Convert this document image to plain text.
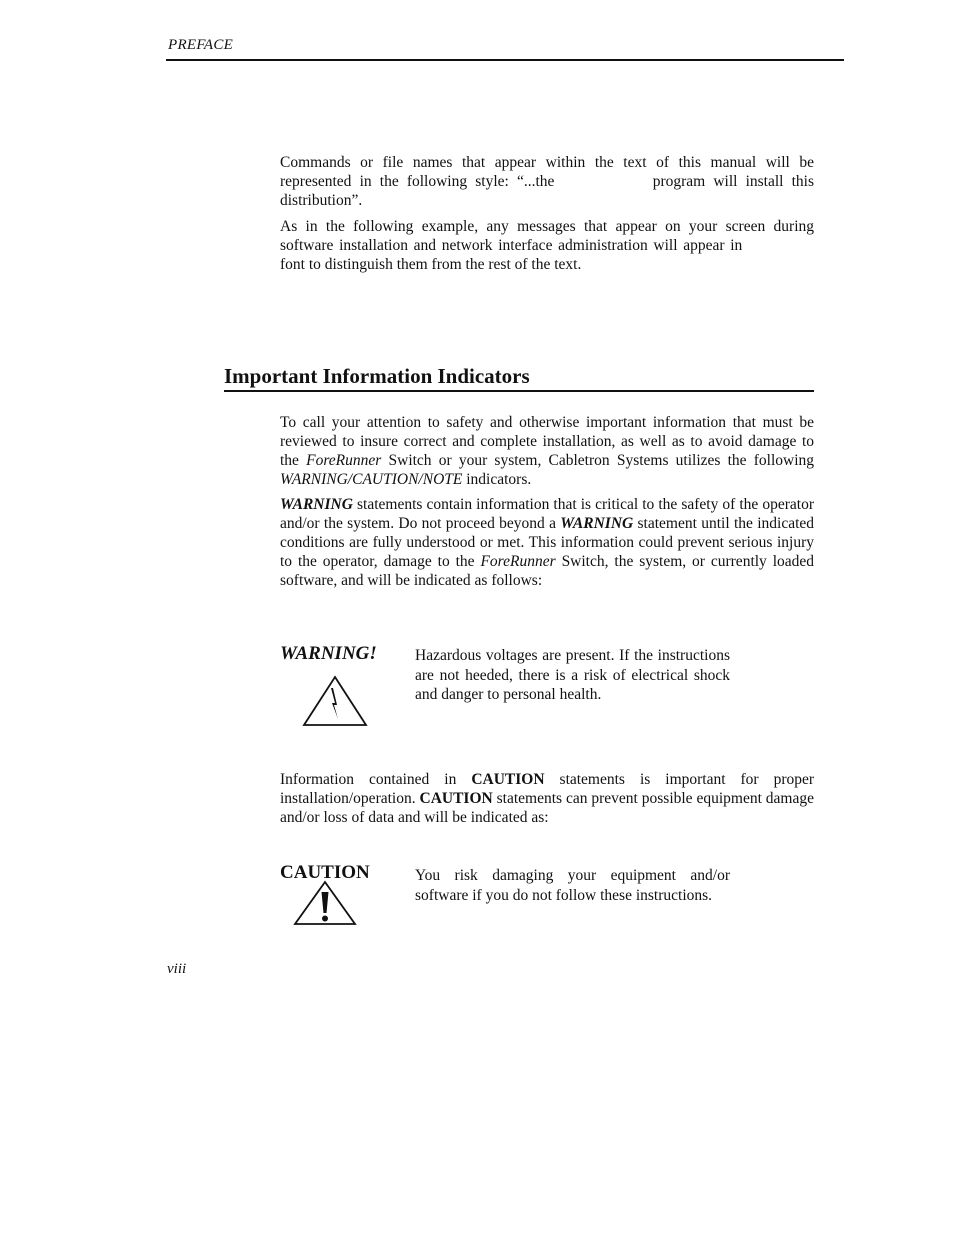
PREFACE
Commands or file names that appear within the text of this manual will be represented in the following style: “...the	program will install this distribution”.
As in the following example, any messages that appear on your screen during software installation and network interface administration will appear in  font to distinguish them from the rest of the text.
Important Information Indicators
To call your attention to safety and otherwise important information that must be reviewed to insure correct and complete installation, as well as to avoid damage to the ForeRunner Switch or your system, Cabletron Systems utilizes the following WARNING/CAUTION/NOTE indicators.
WARNING statements contain information that is critical to the safety of the operator and/or the system. Do not proceed beyond a WARNING statement until the indicated conditions are fully understood or met. This information could prevent serious injury to the operator, damage to the ForeRunner Switch, the system, or currently loaded software, and will be indicated as follows:
WARNING! Hazardous voltages are present. If the instructions are not heeded, there is a risk of electrical shock and danger to personal health.
Information contained in CAUTION statements is important for proper installation/operation. CAUTION statements can prevent possible equipment damage and/or loss of data and will be indicated as:
CAUTION	You risk damaging your equipment and/or software if you do not follow these instructions.
viii
